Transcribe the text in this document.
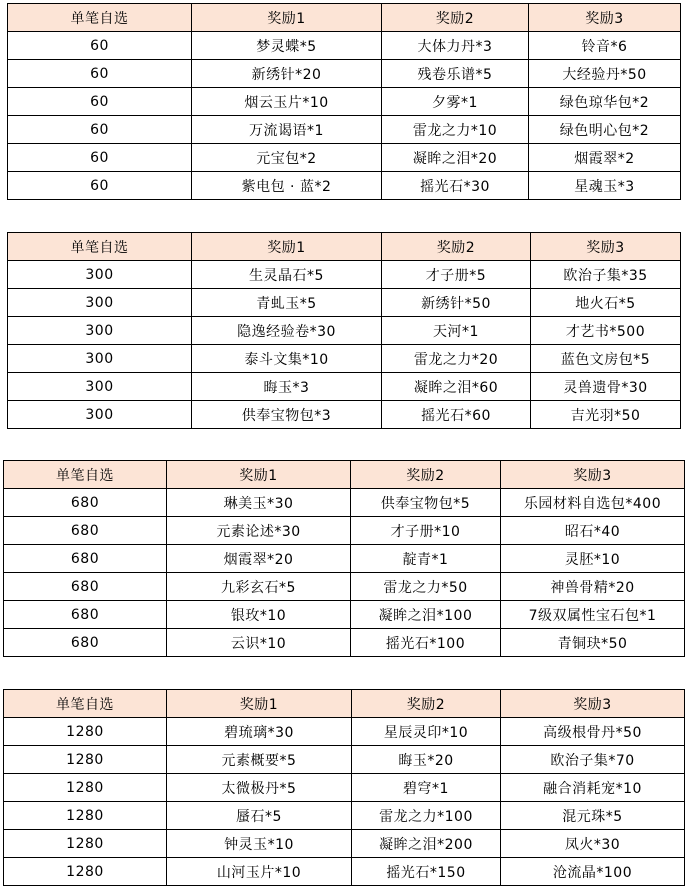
单笔自选	奖励1	奖励2	奖励3
60	梦灵蝶*5	大体力丹*3	铃音*6
60	新绣针*20	残卷乐谱*5	大经验丹*50
60	烟云玉片*10	夕雾*1	绿色琼华包*2
60	万流谒语*1	雷龙之力*10	绿色明心包*2
60	元宝包*2	凝眸之泪*20	烟霞翠*2
60	紫电包 · 蓝*2	摇光石*30	星魂玉*3
单笔自选	奖励1	奖励2	奖励3
300	生灵晶石*5	才子册*5	欧治子集*35
300	青虬玉*5	新绣针*50	地火石*5
300	隐逸经验卷*30	天河*1	才艺书*500
300	泰斗文集*10	雷龙之力*20	蓝色文房包*5
300	晦玉*3	凝眸之泪*60	灵兽遗骨*30
300	供奉宝物包*3	摇光石*60	吉光羽*50
单笔自选	奖励1	奖励2	奖励3
680	琳美玉*30	供奉宝物包*5	乐园材料自选包*400
680	元素论述*30	才子册*10	昭石*40
680	烟霞翠*20	靛青*1	灵胚*10
680	九彩玄石*5	雷龙之力*50	神兽骨精*20
680	银玫*10	凝眸之泪*100	7级双属性宝石包*1
680	云识*10	摇光石*100	青铜玦*50
单笔自选	奖励1	奖励2	奖励3
1280	碧琉璃*30	星辰灵印*10	高级根骨丹*50
1280	元素概要*5	晦玉*20	欧治子集*70
1280	太微极丹*5	碧穹*1	融合消耗宠*10
1280	蜃石*5	雷龙之力*100	混元珠*5
1280	钟灵玉*10	凝眸之泪*200	凤火*30
1280	山河玉片*10	摇光石*150	沧流晶*100
